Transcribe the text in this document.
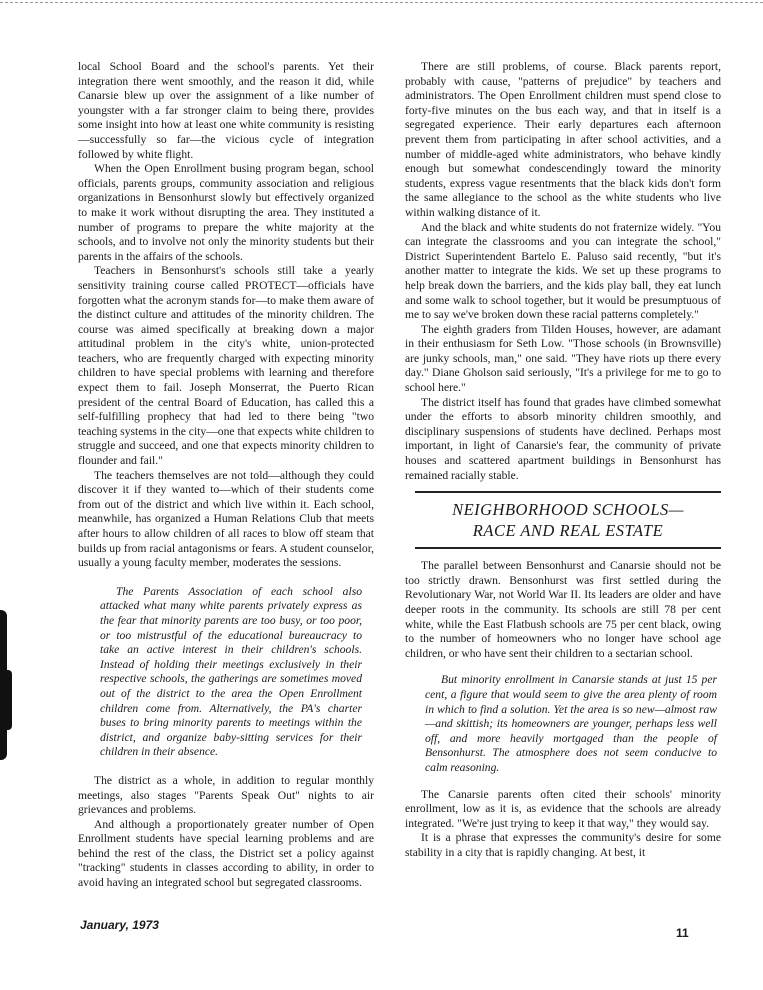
local School Board and the school's parents. Yet their integration there went smoothly, and the reason it did, while Canarsie blew up over the assignment of a like number of youngster with a far stronger claim to being there, provides some insight into how at least one white community is resisting—successfully so far—the vicious cycle of integration followed by white flight.

When the Open Enrollment busing program began, school officials, parents groups, community association and religious organizations in Bensonhurst slowly but effectively organized to make it work without disrupting the area. They instituted a number of programs to prepare the white majority at the schools, and to involve not only the minority students but their parents in the affairs of the schools.

Teachers in Bensonhurst's schools still take a yearly sensitivity training course called PROTECT—officials have forgotten what the acronym stands for—to make them aware of the distinct culture and attitudes of the minority children. The course was aimed specifically at breaking down a major attitudinal problem in the city's white, union-protected teachers, who are frequently charged with expecting minority children to have special problems with learning and therefore expect them to fail. Joseph Monserrat, the Puerto Rican president of the central Board of Education, has called this a self-fulfilling prophecy that had led to there being "two teaching systems in the city—one that expects white children to struggle and succeed, and one that expects minority children to flounder and fail."

The teachers themselves are not told—although they could discover it if they wanted to—which of their students come from out of the district and which live within it. Each school, meanwhile, has organized a Human Relations Club that meets after hours to allow children of all races to blow off steam that builds up from racial antagonisms or fears. A student counselor, usually a young faculty member, moderates the sessions.

The Parents Association of each school also attacked what many white parents privately express as the fear that minority parents are too busy, or too poor, or too mistrustful of the educational bureaucracy to take an active interest in their children's schools. Instead of holding their meetings exclusively in their respective schools, the gatherings are sometimes moved out of the district to the area the Open Enrollment children come from. Alternatively, the PA's charter buses to bring minority parents to meetings within the district, and organize baby-sitting services for their children in their absence.

The district as a whole, in addition to regular monthly meetings, also stages "Parents Speak Out" nights to air grievances and problems.

And although a proportionately greater number of Open Enrollment students have special learning problems and are behind the rest of the class, the District set a policy against "tracking" students in classes according to ability, in order to avoid having an integrated school but segregated classrooms.

There are still problems, of course. Black parents report, probably with cause, "patterns of prejudice" by teachers and administrators. The Open Enrollment children must spend close to forty-five minutes on the bus each way, and that in itself is a segregated experience. Their early departures each afternoon prevent them from participating in after school activities, and a number of middle-aged white administrators, who behave kindly enough but somewhat condescendingly toward the minority students, express vague resentments that the black kids don't form the same allegiance to the school as the white students who live within walking distance of it.

And the black and white students do not fraternize widely. "You can integrate the classrooms and you can integrate the school," District Superintendent Bartelo E. Paluso said recently, "but it's another matter to integrate the kids. We set up these programs to help break down the barriers, and the kids play ball, they eat lunch and some walk to school together, but it would be presumptuous of me to say we've broken down these racial patterns completely."

The eighth graders from Tilden Houses, however, are adamant in their enthusiasm for Seth Low. "Those schools (in Brownsville) are junky schools, man," one said. "They have riots up there every day." Diane Gholson said seriously, "It's a privilege for me to go to school here."

The district itself has found that grades have climbed somewhat under the efforts to absorb minority children smoothly, and disciplinary suspensions of students have declined. Perhaps most important, in light of Canarsie's fear, the community of private houses and scattered apartment buildings in Bensonhurst has remained racially stable.

NEIGHBORHOOD SCHOOLS—
RACE AND REAL ESTATE

The parallel between Bensonhurst and Canarsie should not be too strictly drawn. Bensonhurst was first settled during the Revolutionary War, not World War II. Its leaders are older and have deeper roots in the community. Its schools are still 78 per cent white, while the East Flatbush schools are 75 per cent black, owing to the number of homeowners who no longer have school age children, or who have sent their children to a sectarian school.

But minority enrollment in Canarsie stands at just 15 per cent, a figure that would seem to give the area plenty of room in which to find a solution. Yet the area is so new—almost raw—and skittish; its homeowners are younger, perhaps less well off, and more heavily mortgaged than the people of Bensonhurst. The atmosphere does not seem conducive to calm reasoning.

The Canarsie parents often cited their schools' minority enrollment, low as it is, as evidence that the schools are already integrated. "We're just trying to keep it that way," they would say.

It is a phrase that expresses the community's desire for some stability in a city that is rapidly changing. At best, it

January, 1973
11
